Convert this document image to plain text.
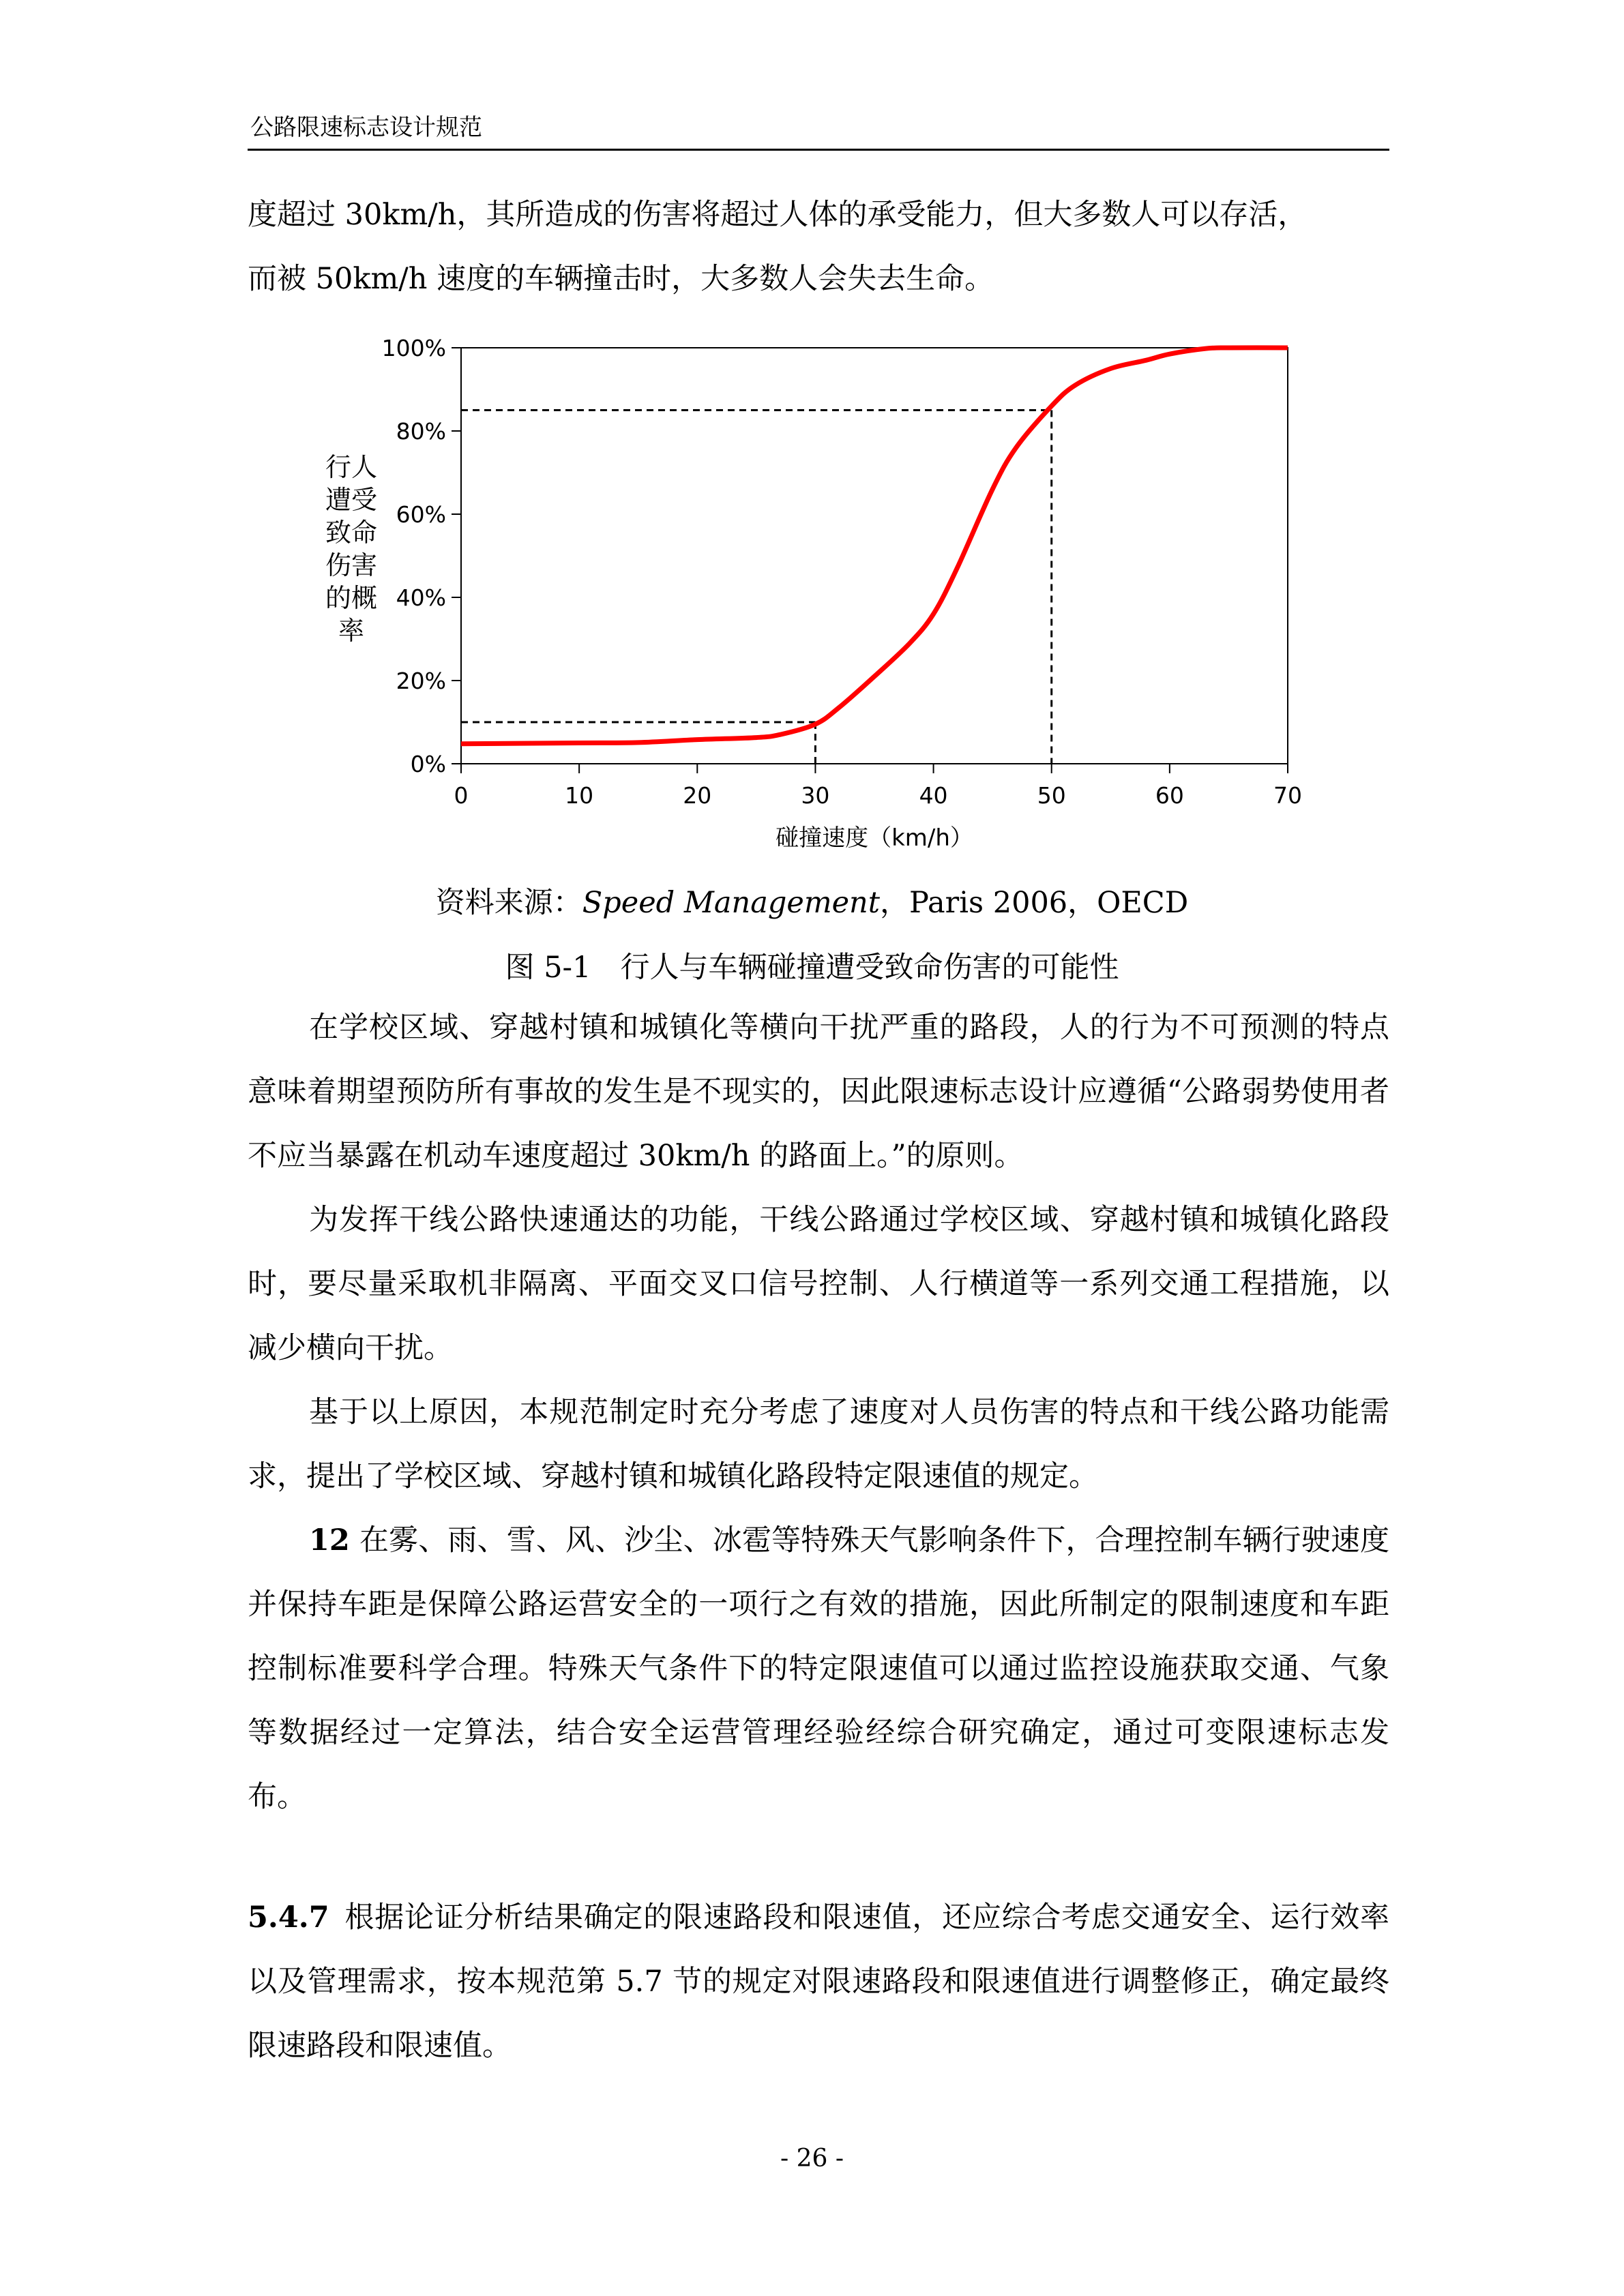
公路限速标志设计规范

度超过 30km/h，其所造成的伤害将超过人体的承受能力，但大多数人可以存活，

而被 50km/h 速度的车辆撞击时，大多数人会失去生命。

0%
20%
40%
60%
80%
100%
0	10	20	30	40	50	60	70
行人
遭受
致命
伤害
的概
率
碰撞速度（km/h）

资料来源：Speed Management，Paris 2006，OECD

图 5-1　行人与车辆碰撞遭受致命伤害的可能性

在学校区域、穿越村镇和城镇化等横向干扰严重的路段，人的行为不可预测的特点意味着期望预防所有事故的发生是不现实的，因此限速标志设计应遵循“公路弱势使用者不应当暴露在机动车速度超过 30km/h 的路面上。”的原则。

为发挥干线公路快速通达的功能，干线公路通过学校区域、穿越村镇和城镇化路段时，要尽量采取机非隔离、平面交叉口信号控制、人行横道等一系列交通工程措施，以减少横向干扰。

基于以上原因，本规范制定时充分考虑了速度对人员伤害的特点和干线公路功能需求，提出了学校区域、穿越村镇和城镇化路段特定限速值的规定。

12 在雾、雨、雪、风、沙尘、冰雹等特殊天气影响条件下，合理控制车辆行驶速度并保持车距是保障公路运营安全的一项行之有效的措施，因此所制定的限制速度和车距控制标准要科学合理。特殊天气条件下的特定限速值可以通过监控设施获取交通、气象等数据经过一定算法，结合安全运营管理经验经综合研究确定，通过可变限速标志发布。

5.4.7 根据论证分析结果确定的限速路段和限速值，还应综合考虑交通安全、运行效率以及管理需求，按本规范第 5.7 节的规定对限速路段和限速值进行调整修正，确定最终限速路段和限速值。

- 26 -
